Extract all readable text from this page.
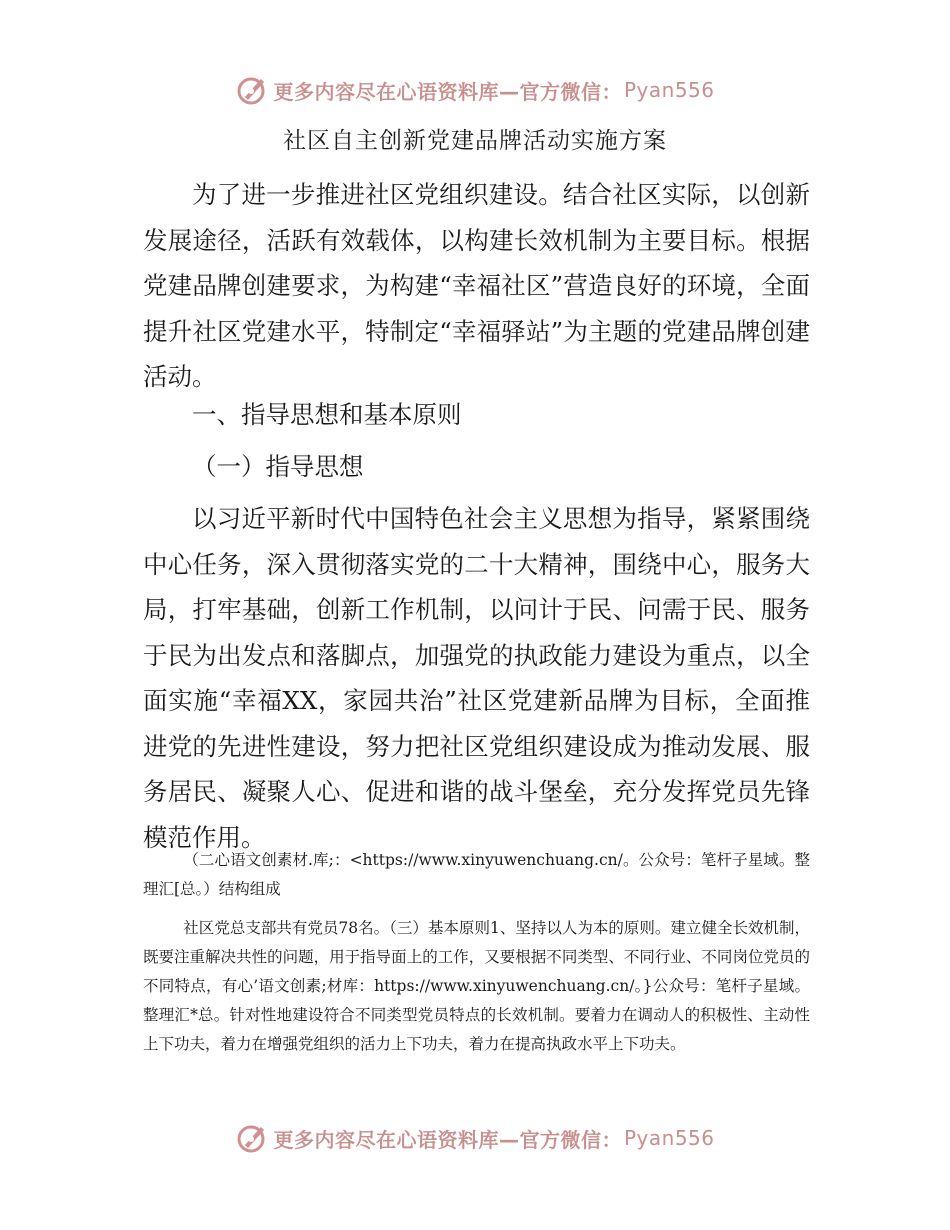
更多内容尽在心语资料库—官方微信： Pyan556
社区自主创新党建品牌活动实施方案

为了进一步推进社区党组织建设。结合社区实际，以创新发展途径，活跃有效载体，以构建长效机制为主要目标。根据党建品牌创建要求，为构建“幸福社区”营造良好的环境，全面提升社区党建水平，特制定“幸福驿站”为主题的党建品牌创建活动。

一、指导思想和基本原则
（一）指导思想

以习近平新时代中国特色社会主义思想为指导，紧紧围绕中心任务，深入贯彻落实党的二十大精神，围绕中心，服务大局，打牢基础，创新工作机制，以问计于民、问需于民、服务于民为出发点和落脚点，加强党的执政能力建设为重点，以全面实施“幸福XX，家园共治”社区党建新品牌为目标，全面推进党的先进性建设，努力把社区党组织建设成为推动发展、服务居民、凝聚人心、促进和谐的战斗堡垒，充分发挥党员先锋模范作用。

（二心语文创素材.库;：<https://www.xinyuwenchuang.cn/。公众号：笔杆子星域。整理汇[总。）结构组成

社区党总支部共有党员78名。（三）基本原则1、坚持以人为本的原则。建立健全长效机制，既要注重解决共性的问题，用于指导面上的工作，又要根据不同类型、不同行业、不同岗位党员的不同特点，有心’语文创素;材库：https://www.xinyuwenchuang.cn/。}公众号：笔杆子星域。整理汇*总。针对性地建设符合不同类型党员特点的长效机制。要着力在调动人的积极性、主动性上下功夫，着力在增强党组织的活力上下功夫，着力在提高执政水平上下功夫。

更多内容尽在心语资料库—官方微信： Pyan556
